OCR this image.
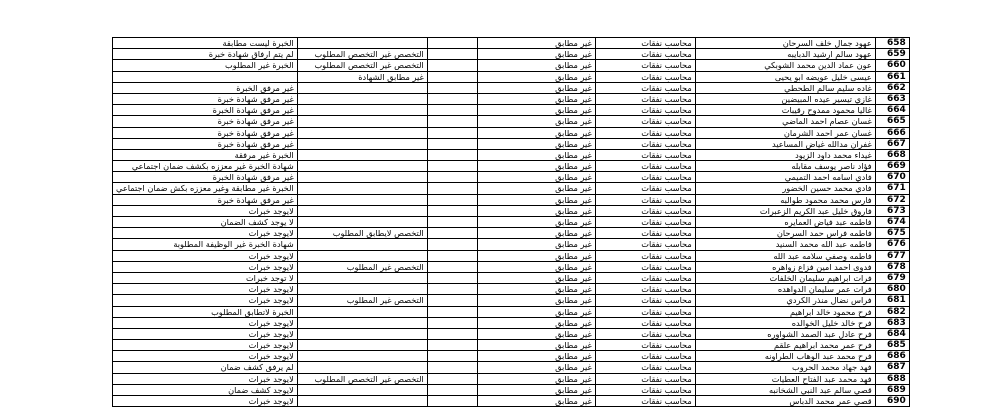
الخبرة ليست مطابقة			غير مطابق	محاسب نفقات	عهود جمال خلف السرحان	658
لم يتم ارفاق شهادة خبرة	التخصص غير التخصص المطلوب		غير مطابق	محاسب نفقات	عهود سالم ارشيد الدبايبه	659
الخبرة غير المطلوب	التخصص غير التخصص المطلوب		غير مطابق	محاسب نفقات	عون عماد الدين محمد الشوبكي	660
	غير مطابق الشهادة		غير مطابق	محاسب نفقات	عيسى خليل عويضه ابو يحيى	661
غير مرفق الخبرة			غير مطابق	محاسب نفقات	غاده سليم سالم الطحطي	662
غير مرفق شهادة خبرة			غير مطابق	محاسب نفقات	غازي تيسير عيده المبيضين	663
غير مرفق شهادة الخبرة			غير مطابق	محاسب نفقات	غاليا محمود ممدوح رقيبات	664
غير مرفق شهادة خبرة			غير مطابق	محاسب نفقات	غسان عصام احمد الماضي	665
غير مرفق شهادة خبرة			غير مطابق	محاسب نفقات	غسان عمر احمد الشرمان	666
غير مرفق شهادة خبرة			غير مطابق	محاسب نفقات	غفران مدالله غياض المساعيد	667
الخبرة غير مرفقة			غير مطابق	محاسب نفقات	غيداء محمد داود الزيود	668
شهادة الخبرة غير معززه بكشف ضمان اجتماعي			غير مطابق	محاسب نفقات	فؤاد ناصر يوسف مقابله	669
غير مرفق شهادة الخبرة			غير مطابق	محاسب نفقات	فادي اسامه احمد التميمي	670
الخبرة غير مطابقة وغير معززه بكش ضمان اجتماعي			غير مطابق	محاسب نفقات	فادي محمد حسين الخضور	671
غير مرفق شهادة خبرة			غير مطابق	محاسب نفقات	فارس محمد محمود طوالبه	672
لايوجد خبرات			غير مطابق	محاسب نفقات	فاروق خليل عبد الكريم الزعبرات	673
لا يوجد كشف الضمان			غير مطابق	محاسب نفقات	فاطمه عبد فياض العمايره	674
لايوجد خبرات	التخصص لايطابق المطلوب		غير مطابق	محاسب نفقات	فاطمه فراس حمد السرحان	675
شهادة الخبرة غير الوظيفة المطلوبة			غير مطابق	محاسب نفقات	فاطمه عبد الله محمد السنيد	676
لايوجد خبرات			غير مطابق	محاسب نفقات	فاطمه وصفي سلامه عبد الله	677
لايوجد خبرات	التخصص غير المطلوب		غير مطابق	محاسب نفقات	فدوى احمد امين فزاع زواهره	678
لا توجد خبرات			غير مطابق	محاسب نفقات	فرات ابراهيم سليمان الخلفات	679
لايوجد خبرات			غير مطابق	محاسب نفقات	فرات عمر سليمان الدواهده	680
لايوجد خبرات	التخصص غير المطلوب		غير مطابق	محاسب نفقات	فراس نضال منذر الكردي	681
الخبرة لاتطابق المطلوب			غير مطابق	محاسب نفقات	فرح محمود خالد ابراهيم	682
لايوجد خبرات			غير مطابق	محاسب نفقات	فرح خالد خليل الخوالده	683
لايوجد خبرات			غير مطابق	محاسب نفقات	فرح عادل عبد الصمد الشواوره	684
لايوجد خبرات			غير مطابق	محاسب نفقات	فرح عمر محمد ابراهيم علقم	685
لايوجد خبرات			غير مطابق	محاسب نفقات	فرح محمد عبد الوهاب الطراونه	686
لم يرفق كشف ضمان			غير مطابق	محاسب نفقات	فهد جهاد محمد الحروب	687
لايوجد خبرات	التخصص غير التخصص المطلوب		غير مطابق	محاسب نفقات	فهد محمد عبد الفتاح العطيات	688
لايوجد كشف ضمان			غير مطابق	محاسب نفقات	قصي سالم عبد النبي الشخانبه	689
لايوجد خبرات			غير مطابق	محاسب نفقات	قصي عمر محمد الدباس	690
